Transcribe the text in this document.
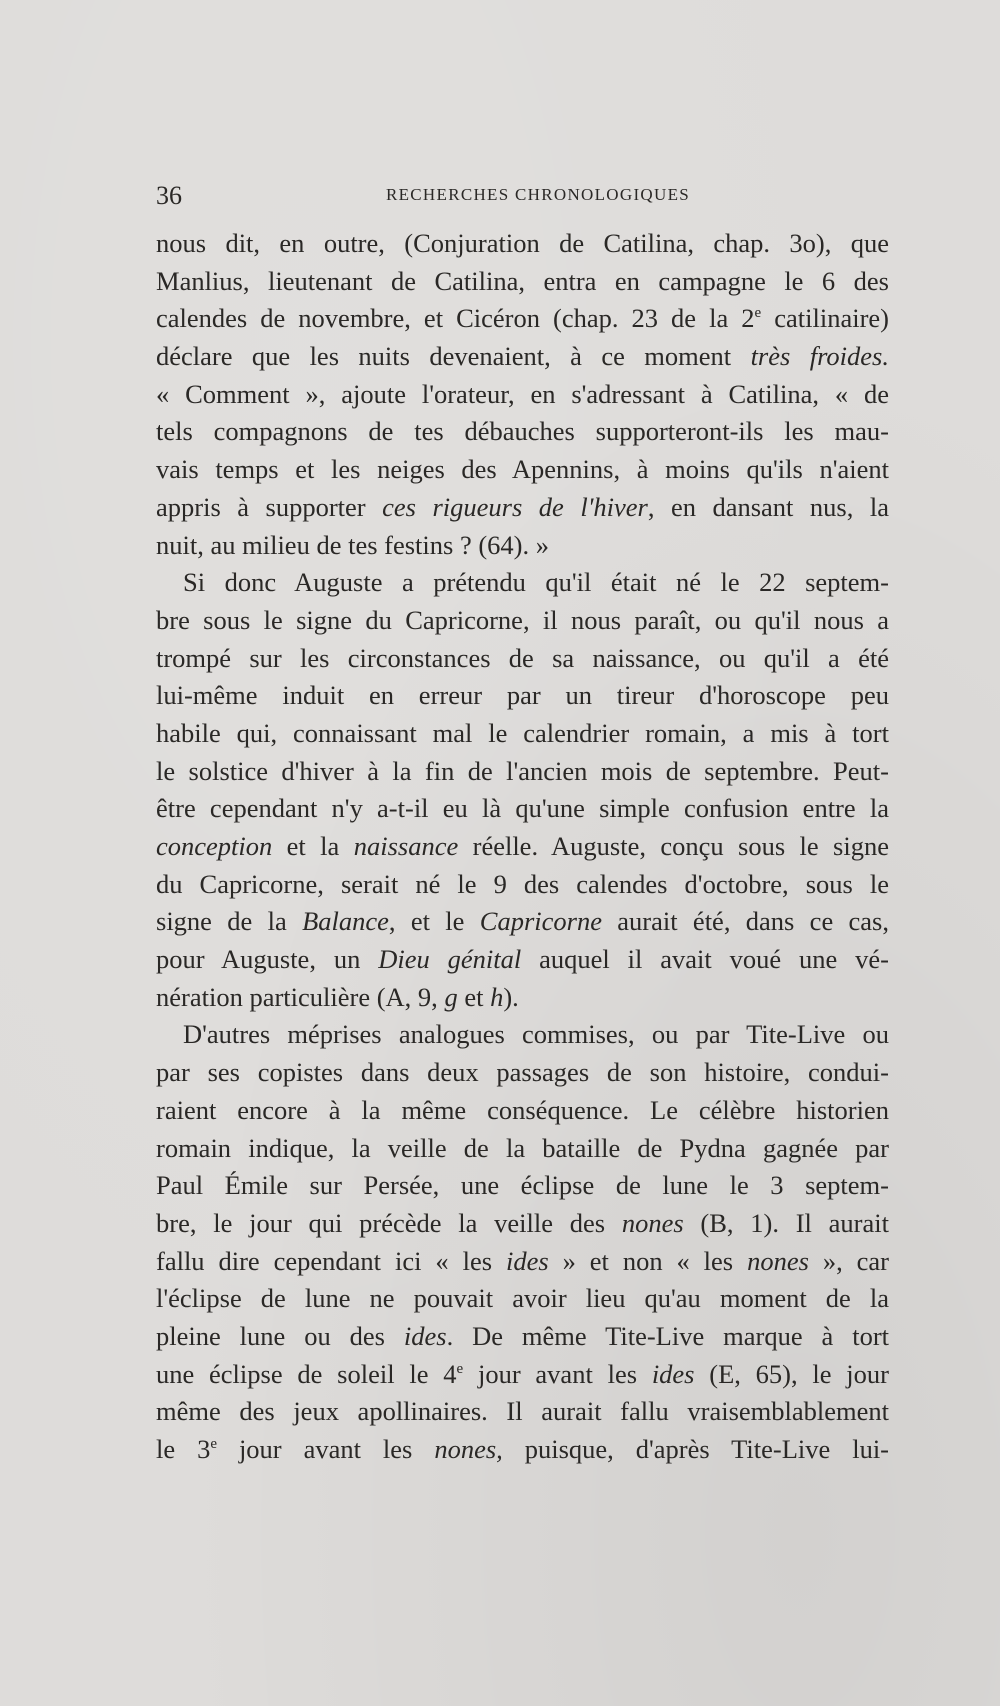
36	RECHERCHES CHRONOLOGIQUES
nous dit, en outre, (Conjuration de Catilina, chap. 3o), que
Manlius, lieutenant de Catilina, entra en campagne le 6 des
calendes de novembre, et Cicéron (chap. 23 de la 2e catilinaire)
déclare que les nuits devenaient, à ce moment très froides.
« Comment », ajoute l'orateur, en s'adressant à Catilina, « de
tels compagnons de tes débauches supporteront-ils les mau-
vais temps et les neiges des Apennins, à moins qu'ils n'aient
appris à supporter ces rigueurs de l'hiver, en dansant nus, la
nuit, au milieu de tes festins ? (64). »
Si donc Auguste a prétendu qu'il était né le 22 septem-
bre sous le signe du Capricorne, il nous paraît, ou qu'il nous a
trompé sur les circonstances de sa naissance, ou qu'il a été
lui-même induit en erreur par un tireur d'horoscope peu
habile qui, connaissant mal le calendrier romain, a mis à tort
le solstice d'hiver à la fin de l'ancien mois de septembre. Peut-
être cependant n'y a-t-il eu là qu'une simple confusion entre la
conception et la naissance réelle. Auguste, conçu sous le signe
du Capricorne, serait né le 9 des calendes d'octobre, sous le
signe de la Balance, et le Capricorne aurait été, dans ce cas,
pour Auguste, un Dieu génital auquel il avait voué une vé-
nération particulière (A, 9, g et h).
D'autres méprises analogues commises, ou par Tite-Live ou
par ses copistes dans deux passages de son histoire, condui-
raient encore à la même conséquence. Le célèbre historien
romain indique, la veille de la bataille de Pydna gagnée par
Paul Émile sur Persée, une éclipse de lune le 3 septem-
bre, le jour qui précède la veille des nones (B, 1). Il aurait
fallu dire cependant ici « les ides » et non « les nones », car
l'éclipse de lune ne pouvait avoir lieu qu'au moment de la
pleine lune ou des ides. De même Tite-Live marque à tort
une éclipse de soleil le 4e jour avant les ides (E, 65), le jour
même des jeux apollinaires. Il aurait fallu vraisemblablement
le 3e jour avant les nones, puisque, d'après Tite-Live lui-
